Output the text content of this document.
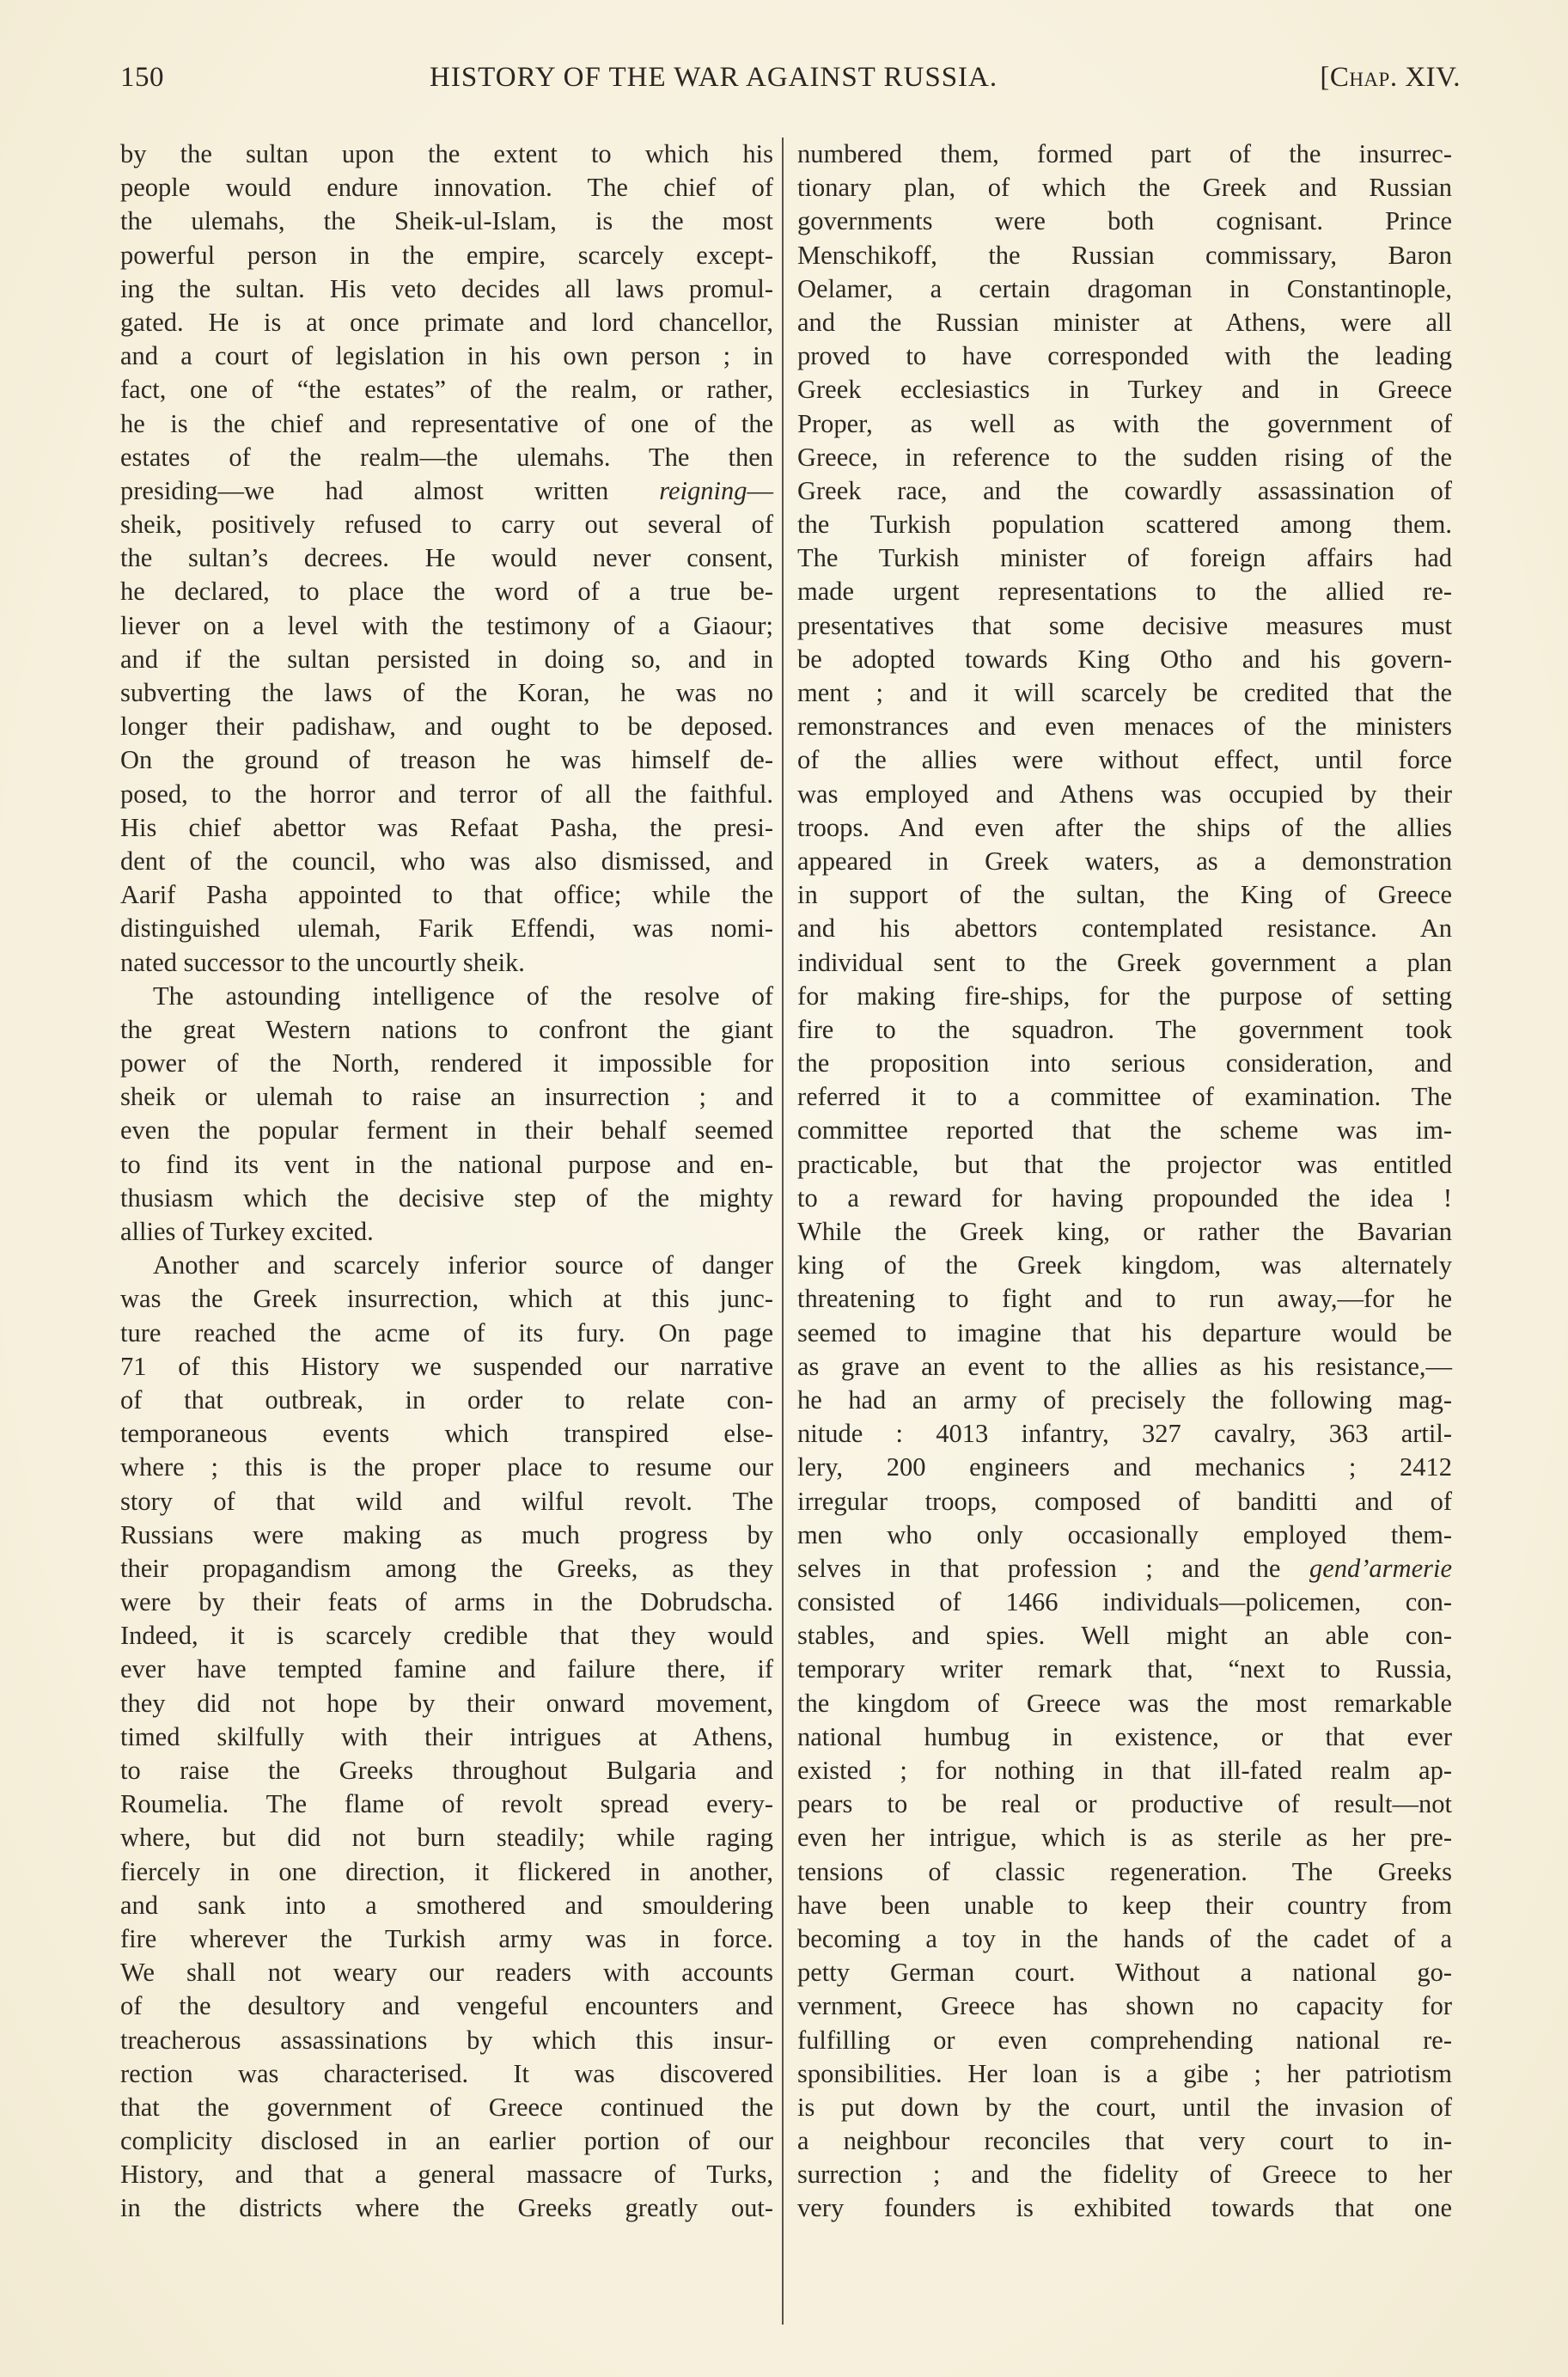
150	HISTORY OF THE WAR AGAINST RUSSIA.	[Chap. XIV.
by the sultan upon the extent to which his
people would endure innovation. The chief of
the ulemahs, the Sheik-ul-Islam, is the most
powerful person in the empire, scarcely except-
ing the sultan. His veto decides all laws promul-
gated. He is at once primate and lord chancellor,
and a court of legislation in his own person ; in
fact, one of “the estates” of the realm, or rather,
he is the chief and representative of one of the
estates of the realm—the ulemahs. The then
presiding—we had almost written reigning—
sheik, positively refused to carry out several of
the sultan’s decrees. He would never consent,
he declared, to place the word of a true be-
liever on a level with the testimony of a Giaour;
and if the sultan persisted in doing so, and in
subverting the laws of the Koran, he was no
longer their padishaw, and ought to be deposed.
On the ground of treason he was himself de-
posed, to the horror and terror of all the faithful.
His chief abettor was Refaat Pasha, the presi-
dent of the council, who was also dismissed, and
Aarif Pasha appointed to that office; while the
distinguished ulemah, Farik Effendi, was nomi-
nated successor to the uncourtly sheik.
The astounding intelligence of the resolve of
the great Western nations to confront the giant
power of the North, rendered it impossible for
sheik or ulemah to raise an insurrection ; and
even the popular ferment in their behalf seemed
to find its vent in the national purpose and en-
thusiasm which the decisive step of the mighty
allies of Turkey excited.
Another and scarcely inferior source of danger
was the Greek insurrection, which at this junc-
ture reached the acme of its fury. On page
71 of this History we suspended our narrative
of that outbreak, in order to relate con-
temporaneous events which transpired else-
where ; this is the proper place to resume our
story of that wild and wilful revolt. The
Russians were making as much progress by
their propagandism among the Greeks, as they
were by their feats of arms in the Dobrudscha.
Indeed, it is scarcely credible that they would
ever have tempted famine and failure there, if
they did not hope by their onward movement,
timed skilfully with their intrigues at Athens,
to raise the Greeks throughout Bulgaria and
Roumelia. The flame of revolt spread every-
where, but did not burn steadily; while raging
fiercely in one direction, it flickered in another,
and sank into a smothered and smouldering
fire wherever the Turkish army was in force.
We shall not weary our readers with accounts
of the desultory and vengeful encounters and
treacherous assassinations by which this insur-
rection was characterised. It was discovered
that the government of Greece continued the
complicity disclosed in an earlier portion of our
History, and that a general massacre of Turks,
in the districts where the Greeks greatly out-
numbered them, formed part of the insurrec-
tionary plan, of which the Greek and Russian
governments were both cognisant. Prince
Menschikoff, the Russian commissary, Baron
Oelamer, a certain dragoman in Constantinople,
and the Russian minister at Athens, were all
proved to have corresponded with the leading
Greek ecclesiastics in Turkey and in Greece
Proper, as well as with the government of
Greece, in reference to the sudden rising of the
Greek race, and the cowardly assassination of
the Turkish population scattered among them.
The Turkish minister of foreign affairs had
made urgent representations to the allied re-
presentatives that some decisive measures must
be adopted towards King Otho and his govern-
ment ; and it will scarcely be credited that the
remonstrances and even menaces of the ministers
of the allies were without effect, until force
was employed and Athens was occupied by their
troops. And even after the ships of the allies
appeared in Greek waters, as a demonstration
in support of the sultan, the King of Greece
and his abettors contemplated resistance. An
individual sent to the Greek government a plan
for making fire-ships, for the purpose of setting
fire to the squadron. The government took
the proposition into serious consideration, and
referred it to a committee of examination. The
committee reported that the scheme was im-
practicable, but that the projector was entitled
to a reward for having propounded the idea !
While the Greek king, or rather the Bavarian
king of the Greek kingdom, was alternately
threatening to fight and to run away,—for he
seemed to imagine that his departure would be
as grave an event to the allies as his resistance,—
he had an army of precisely the following mag-
nitude : 4013 infantry, 327 cavalry, 363 artil-
lery, 200 engineers and mechanics ; 2412
irregular troops, composed of banditti and of
men who only occasionally employed them-
selves in that profession ; and the gend’armerie
consisted of 1466 individuals—policemen, con-
stables, and spies. Well might an able con-
temporary writer remark that, “next to Russia,
the kingdom of Greece was the most remarkable
national humbug in existence, or that ever
existed ; for nothing in that ill-fated realm ap-
pears to be real or productive of result—not
even her intrigue, which is as sterile as her pre-
tensions of classic regeneration. The Greeks
have been unable to keep their country from
becoming a toy in the hands of the cadet of a
petty German court. Without a national go-
vernment, Greece has shown no capacity for
fulfilling or even comprehending national re-
sponsibilities. Her loan is a gibe ; her patriotism
is put down by the court, until the invasion of
a neighbour reconciles that very court to in-
surrection ; and the fidelity of Greece to her
very founders is exhibited towards that one
